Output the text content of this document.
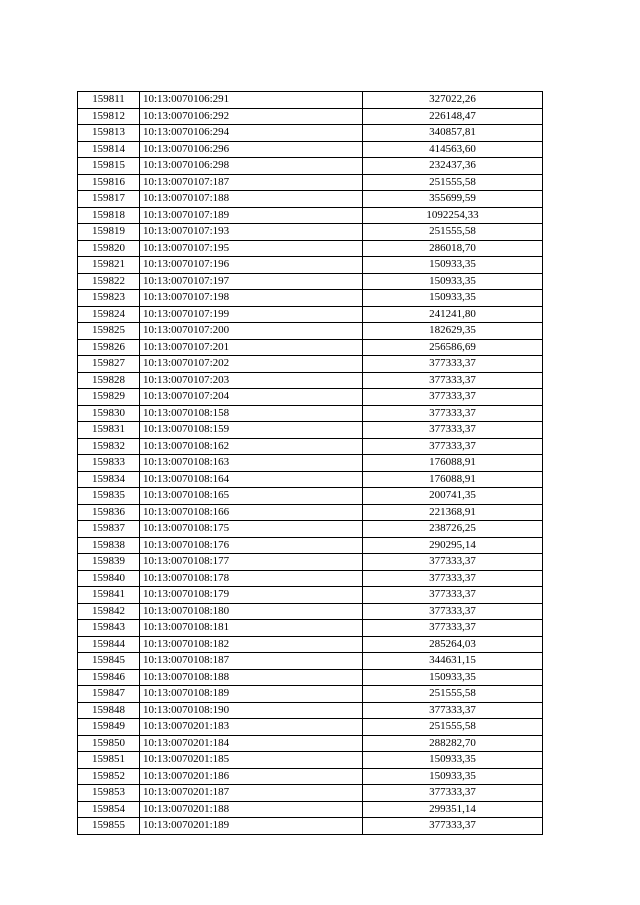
159811	10:13:0070106:291	327022,26
159812	10:13:0070106:292	226148,47
159813	10:13:0070106:294	340857,81
159814	10:13:0070106:296	414563,60
159815	10:13:0070106:298	232437,36
159816	10:13:0070107:187	251555,58
159817	10:13:0070107:188	355699,59
159818	10:13:0070107:189	1092254,33
159819	10:13:0070107:193	251555,58
159820	10:13:0070107:195	286018,70
159821	10:13:0070107:196	150933,35
159822	10:13:0070107:197	150933,35
159823	10:13:0070107:198	150933,35
159824	10:13:0070107:199	241241,80
159825	10:13:0070107:200	182629,35
159826	10:13:0070107:201	256586,69
159827	10:13:0070107:202	377333,37
159828	10:13:0070107:203	377333,37
159829	10:13:0070107:204	377333,37
159830	10:13:0070108:158	377333,37
159831	10:13:0070108:159	377333,37
159832	10:13:0070108:162	377333,37
159833	10:13:0070108:163	176088,91
159834	10:13:0070108:164	176088,91
159835	10:13:0070108:165	200741,35
159836	10:13:0070108:166	221368,91
159837	10:13:0070108:175	238726,25
159838	10:13:0070108:176	290295,14
159839	10:13:0070108:177	377333,37
159840	10:13:0070108:178	377333,37
159841	10:13:0070108:179	377333,37
159842	10:13:0070108:180	377333,37
159843	10:13:0070108:181	377333,37
159844	10:13:0070108:182	285264,03
159845	10:13:0070108:187	344631,15
159846	10:13:0070108:188	150933,35
159847	10:13:0070108:189	251555,58
159848	10:13:0070108:190	377333,37
159849	10:13:0070201:183	251555,58
159850	10:13:0070201:184	288282,70
159851	10:13:0070201:185	150933,35
159852	10:13:0070201:186	150933,35
159853	10:13:0070201:187	377333,37
159854	10:13:0070201:188	299351,14
159855	10:13:0070201:189	377333,37
